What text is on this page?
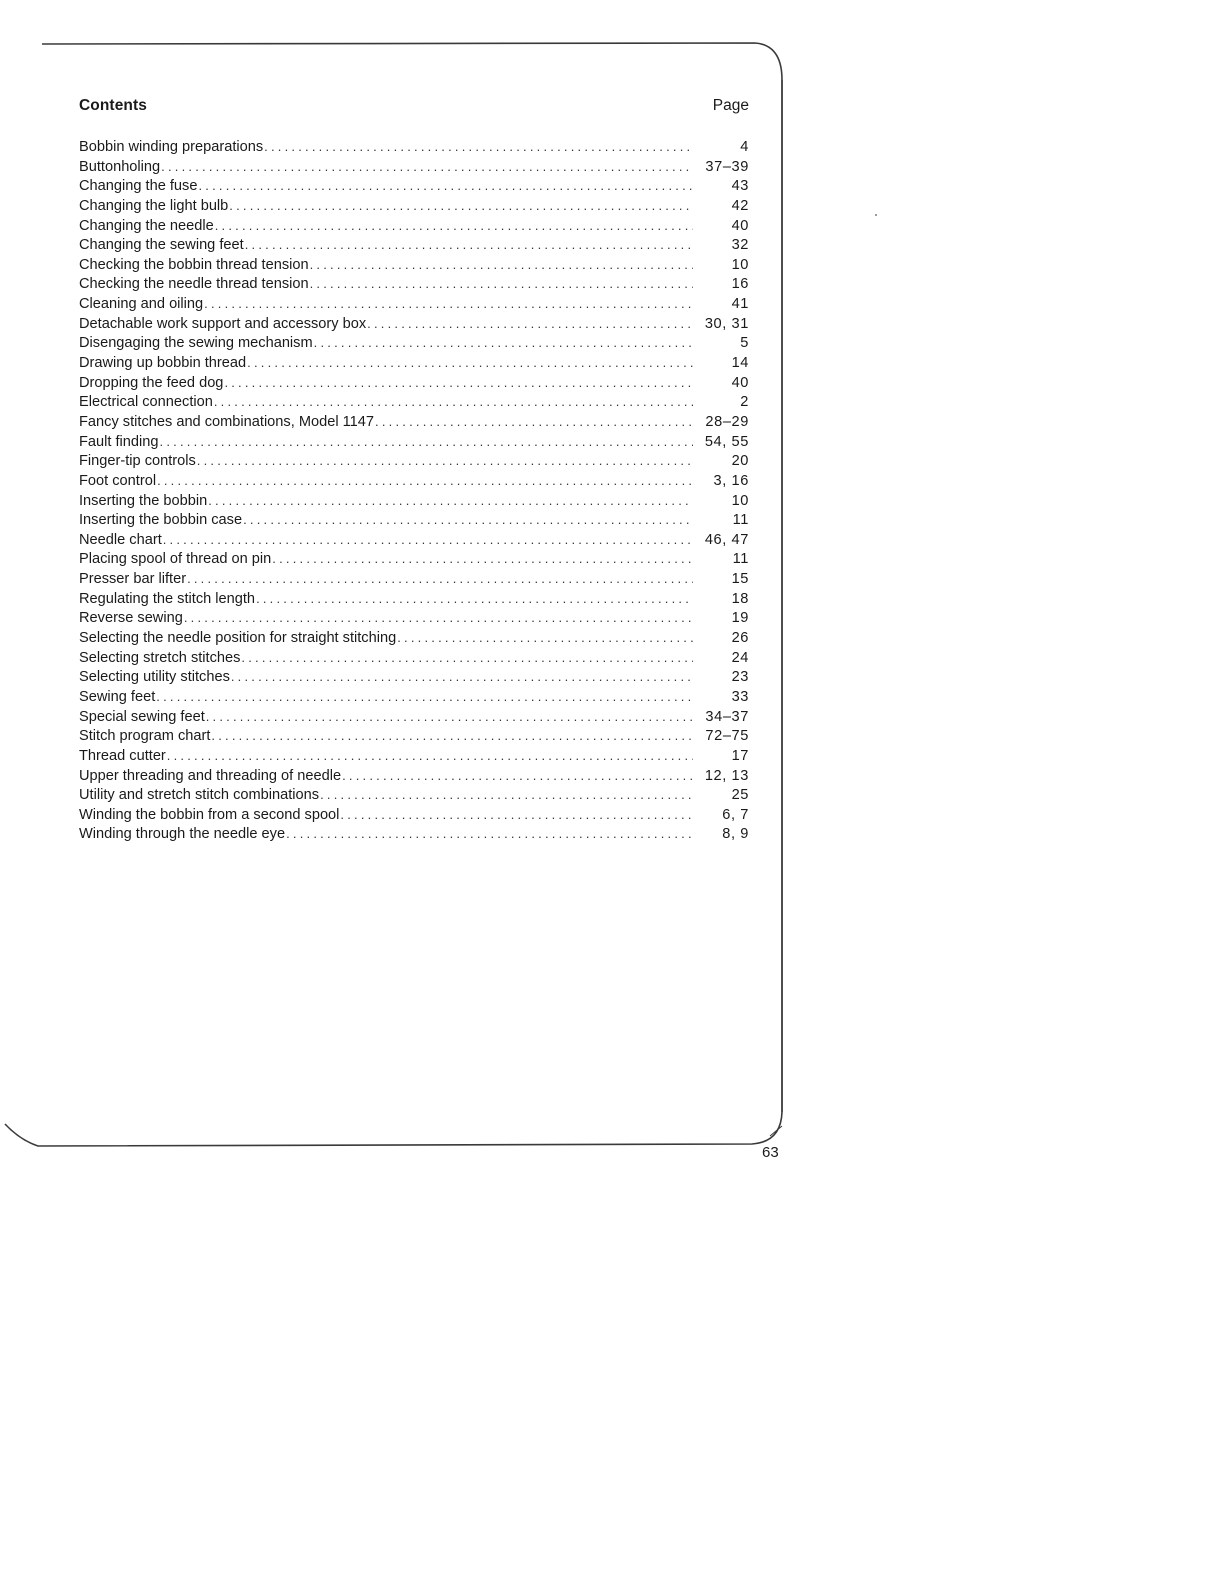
Contents	Page
Bobbin winding preparations .....	4
Buttonholing .....	37–39
Changing the fuse .....	43
Changing the light bulb .....	42
Changing the needle .....	40
Changing the sewing feet .....	32
Checking the bobbin thread tension .....	10
Checking the needle thread tension .....	16
Cleaning and oiling .....	41
Detachable work support and accessory box .....	30, 31
Disengaging the sewing mechanism .....	5
Drawing up bobbin thread .....	14
Dropping the feed dog .....	40
Electrical connection .....	2
Fancy stitches and combinations, Model 1147 .....	28–29
Fault finding .....	54, 55
Finger-tip controls .....	20
Foot control .....	3, 16
Inserting the bobbin .....	10
Inserting the bobbin case .....	11
Needle chart .....	46, 47
Placing spool of thread on pin .....	11
Presser bar lifter .....	15
Regulating the stitch length .....	18
Reverse sewing .....	19
Selecting the needle position for straight stitching .....	26
Selecting stretch stitches .....	24
Selecting utility stitches .....	23
Sewing feet .....	33
Special sewing feet .....	34–37
Stitch program chart .....	72–75
Thread cutter .....	17
Upper threading and threading of needle .....	12, 13
Utility and stretch stitch combinations .....	25
Winding the bobbin from a second spool .....	6, 7
Winding through the needle eye .....	8, 9
63
